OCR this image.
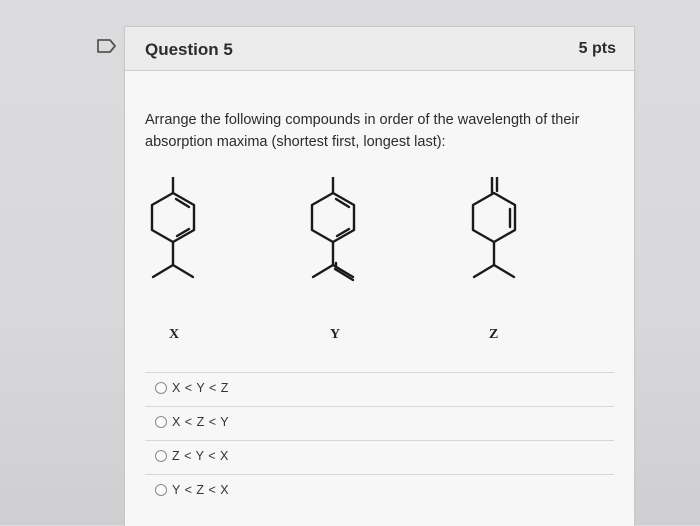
Question 5	5 pts
Arrange the following compounds in order of the wavelength of their absorption maxima (shortest first, longest last):
X	Y	Z
X < Y < Z
X < Z < Y
Z < Y < X
Y < Z < X
